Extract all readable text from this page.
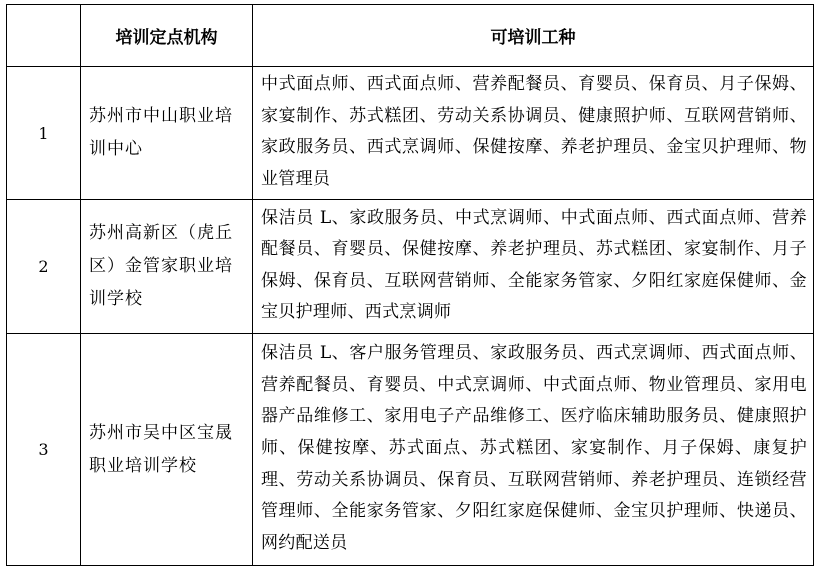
	培训定点机构	可培训工种
1	苏州市中山职业培训中心	中式面点师、西式面点师、营养配餐员、育婴员、保育员、月子保姆、家宴制作、苏式糕团、劳动关系协调员、健康照护师、互联网营销师、家政服务员、西式烹调师、保健按摩、养老护理员、金宝贝护理师、物业管理员
2	苏州高新区（虎丘区）金管家职业培训学校	保洁员 L、家政服务员、中式烹调师、中式面点师、西式面点师、营养配餐员、育婴员、保健按摩、养老护理员、苏式糕团、家宴制作、月子保姆、保育员、互联网营销师、全能家务管家、夕阳红家庭保健师、金宝贝护理师、西式烹调师
3	苏州市吴中区宝晟职业培训学校	保洁员 L、客户服务管理员、家政服务员、西式烹调师、西式面点师、营养配餐员、育婴员、中式烹调师、中式面点师、物业管理员、家用电器产品维修工、家用电子产品维修工、医疗临床辅助服务员、健康照护师、保健按摩、苏式面点、苏式糕团、家宴制作、月子保姆、康复护理、劳动关系协调员、保育员、互联网营销师、养老护理员、连锁经营管理师、全能家务管家、夕阳红家庭保健师、金宝贝护理师、快递员、网约配送员
